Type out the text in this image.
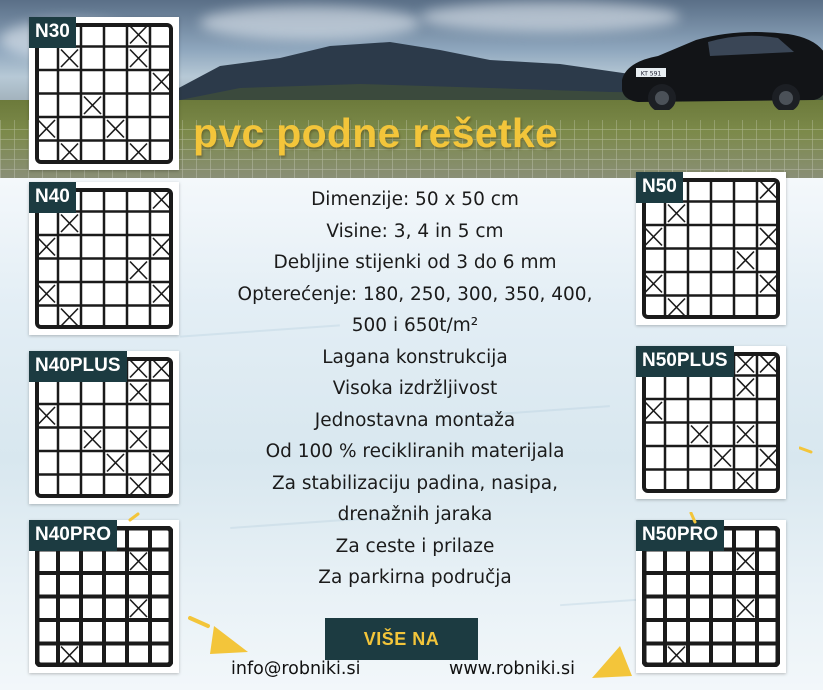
KT 591
pvc podne rešetke
N30
N40
N40PLUS
N40PRO
N50
N50PLUS
N50PRO
Dimenzije: 50 x 50 cm
Visine: 3, 4 in 5 cm
Debljine stijenki od 3 do 6 mm
Opterećenje: 180, 250, 300, 350, 400,
500 i 650t/m²
Lagana konstrukcija
Visoka izdržljivost
Jednostavna montaža
Od 100 % recikliranih materijala
Za stabilizaciju padina, nasipa,
drenažnih jaraka
Za ceste i prilaze
Za parkirna područja
VIŠE NA
info@robniki.si	www.robniki.si
